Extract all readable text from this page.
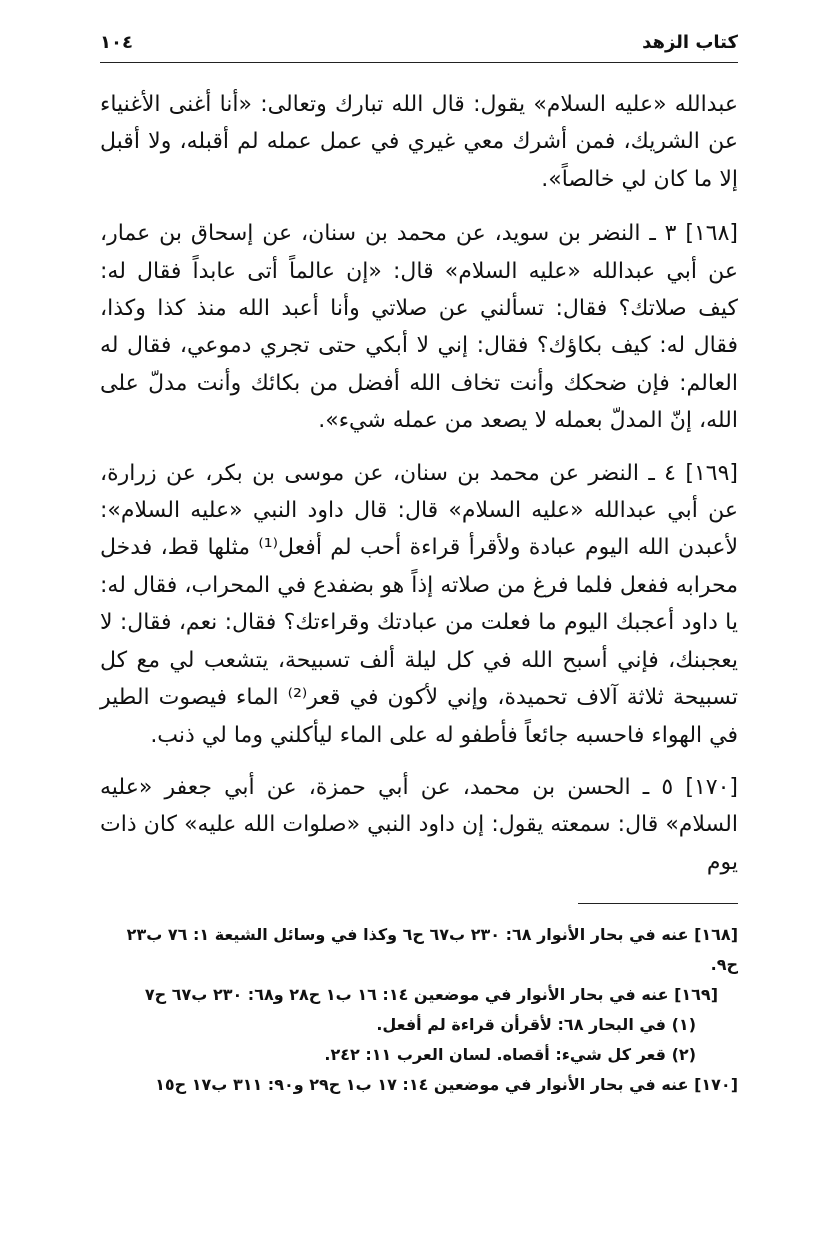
كتاب الزهد
١٠٤

عبدالله «عليه السلام» يقول: قال الله تبارك وتعالى: «أنا أغنى الأغنياء عن الشريك، فمن أشرك معي غيري في عمل عمله لم أقبله، ولا أقبل إلا ما كان لي خالصاً».

[١٦٨] ٣ ـ النضر بن سويد، عن محمد بن سنان، عن إسحاق بن عمار، عن أبي عبدالله «عليه السلام» قال: «إن عالماً أتى عابداً فقال له: كيف صلاتك؟ فقال: تسألني عن صلاتي وأنا أعبد الله منذ كذا وكذا، فقال له: كيف بكاؤك؟ فقال: إني لا أبكي حتى تجري دموعي، فقال له العالم: فإن ضحكك وأنت تخاف الله أفضل من بكائك وأنت مدلّ على الله، إنّ المدلّ بعمله لا يصعد من عمله شيء».

[١٦٩] ٤ ـ النضر عن محمد بن سنان، عن موسى بن بكر، عن زرارة، عن أبي عبدالله «عليه السلام» قال: قال داود النبي «عليه السلام»: لأعبدن الله اليوم عبادة ولأقرأ قراءة أحب لم أفعل⁽¹⁾ مثلها قط، فدخل محرابه ففعل فلما فرغ من صلاته إذاً هو بضفدع في المحراب، فقال له: يا داود أعجبك اليوم ما فعلت من عبادتك وقراءتك؟ فقال: نعم، فقال: لا يعجبنك، فإني أسبح الله في كل ليلة ألف تسبيحة، يتشعب لي مع كل تسبيحة ثلاثة آلاف تحميدة، وإني لأكون في قعر⁽²⁾ الماء فيصوت الطير في الهواء فاحسبه جائعاً فأطفو له على الماء ليأكلني وما لي ذنب.

[١٧٠] ٥ ـ الحسن بن محمد، عن أبي حمزة، عن أبي جعفر «عليه السلام» قال: سمعته يقول: إن داود النبي «صلوات الله عليه» كان ذات يوم

[١٦٨] عنه في بحار الأنوار ٦٨: ٢٣٠ ب٦٧ ح٦ وكذا في وسائل الشيعة ١: ٧٦ ب٢٣ ح٩.

[١٦٩] عنه في بحار الأنوار في موضعين ١٤: ١٦ ب١ ح٢٨ و٦٨: ٢٣٠ ب٦٧ ح٧

(١) في البحار ٦٨: لأقرأن قراءة لم أفعل.

(٢) قعر كل شيء: أقصاه. لسان العرب ١١: ٢٤٢.

[١٧٠] عنه في بحار الأنوار في موضعين ١٤: ١٧ ب١ ح٢٩ و٩٠: ٣١١ ب١٧ ح١٥
